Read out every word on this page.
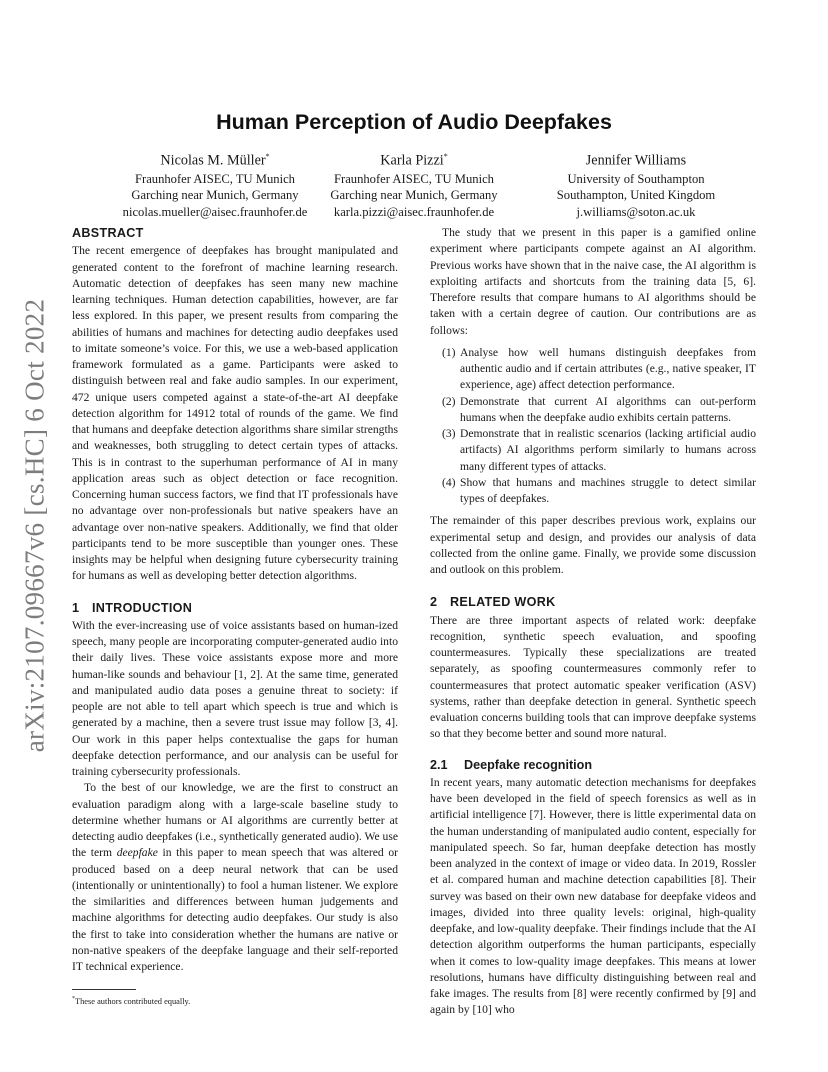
arXiv:2107.09667v6 [cs.HC] 6 Oct 2022
Human Perception of Audio Deepfakes
Nicolas M. Müller*
Fraunhofer AISEC, TU Munich
Garching near Munich, Germany
nicolas.mueller@aisec.fraunhofer.de
Karla Pizzi*
Fraunhofer AISEC, TU Munich
Garching near Munich, Germany
karla.pizzi@aisec.fraunhofer.de
Jennifer Williams
University of Southampton
Southampton, United Kingdom
j.williams@soton.ac.uk
ABSTRACT

The recent emergence of deepfakes has brought manipulated and generated content to the forefront of machine learning research. Automatic detection of deepfakes has seen many new machine learning techniques. Human detection capabilities, however, are far less explored. In this paper, we present results from comparing the abilities of humans and machines for detecting audio deepfakes used to imitate someone’s voice. For this, we use a web-based application framework formulated as a game. Participants were asked to distinguish between real and fake audio samples. In our experiment, 472 unique users competed against a state-of-the-art AI deepfake detection algorithm for 14912 total of rounds of the game. We find that humans and deepfake detection algorithms share similar strengths and weaknesses, both struggling to detect certain types of attacks. This is in contrast to the superhuman performance of AI in many application areas such as object detection or face recognition. Concerning human success factors, we find that IT professionals have no advantage over non-professionals but native speakers have an advantage over non-native speakers. Additionally, we find that older participants tend to be more susceptible than younger ones. These insights may be helpful when designing future cybersecurity training for humans as well as developing better detection algorithms.

1 INTRODUCTION

With the ever-increasing use of voice assistants based on human-ized speech, many people are incorporating computer-generated audio into their daily lives. These voice assistants expose more and more human-like sounds and behaviour [1, 2]. At the same time, generated and manipulated audio data poses a genuine threat to society: if people are not able to tell apart which speech is true and which is generated by a machine, then a severe trust issue may follow [3, 4]. Our work in this paper helps contextualise the gaps for human deepfake detection performance, and our analysis can be useful for training cybersecurity professionals.

To the best of our knowledge, we are the first to construct an evaluation paradigm along with a large-scale baseline study to determine whether humans or AI algorithms are currently better at detecting audio deepfakes (i.e., synthetically generated audio). We use the term deepfake in this paper to mean speech that was altered or produced based on a deep neural network that can be used (intentionally or unintentionally) to fool a human listener. We explore the similarities and differences between human judgements and machine algorithms for detecting audio deepfakes. Our study is also the first to take into consideration whether the humans are native or non-native speakers of the deepfake language and their self-reported IT technical experience.

*These authors contributed equally.

The study that we present in this paper is a gamified online experiment where participants compete against an AI algorithm. Previous works have shown that in the naive case, the AI algorithm is exploiting artifacts and shortcuts from the training data [5, 6]. Therefore results that compare humans to AI algorithms should be taken with a certain degree of caution. Our contributions are as follows:

(1) Analyse how well humans distinguish deepfakes from authentic audio and if certain attributes (e.g., native speaker, IT experience, age) affect detection performance.
(2) Demonstrate that current AI algorithms can out-perform humans when the deepfake audio exhibits certain patterns.
(3) Demonstrate that in realistic scenarios (lacking artificial audio artifacts) AI algorithms perform similarly to humans across many different types of attacks.
(4) Show that humans and machines struggle to detect similar types of deepfakes.

The remainder of this paper describes previous work, explains our experimental setup and design, and provides our analysis of data collected from the online game. Finally, we provide some discussion and outlook on this problem.

2 RELATED WORK

There are three important aspects of related work: deepfake recognition, synthetic speech evaluation, and spoofing countermeasures. Typically these specializations are treated separately, as spoofing countermeasures commonly refer to countermeasures that protect automatic speaker verification (ASV) systems, rather than deepfake detection in general. Synthetic speech evaluation concerns building tools that can improve deepfake systems so that they become better and sound more natural.

2.1 Deepfake recognition

In recent years, many automatic detection mechanisms for deepfakes have been developed in the field of speech forensics as well as in artificial intelligence [7]. However, there is little experimental data on the human understanding of manipulated audio content, especially for manipulated speech. So far, human deepfake detection has mostly been analyzed in the context of image or video data. In 2019, Rossler et al. compared human and machine detection capabilities [8]. Their survey was based on their own new database for deepfake videos and images, divided into three quality levels: original, high-quality deepfake, and low-quality deepfake. Their findings include that the AI detection algorithm outperforms the human participants, especially when it comes to low-quality image deepfakes. This means at lower resolutions, humans have difficulty distinguishing between real and fake images. The results from [8] were recently confirmed by [9] and again by [10] who
